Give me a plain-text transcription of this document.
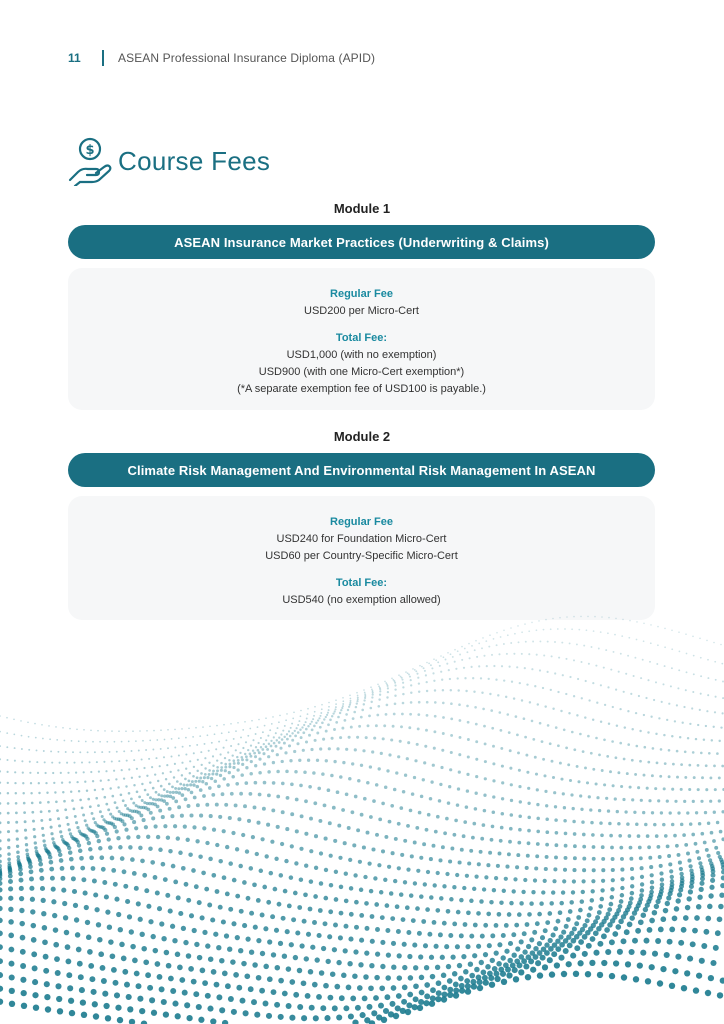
11	ASEAN Professional Insurance Diploma (APID)
$ Course Fees
Module 1
ASEAN Insurance Market Practices (Underwriting & Claims)
Regular Fee
USD200 per Micro-Cert
Total Fee:
USD1,000 (with no exemption)
USD900 (with one Micro-Cert exemption*)
(*A separate exemption fee of USD100 is payable.)
Module 2
Climate Risk Management And Environmental Risk Management In ASEAN
Regular Fee
USD240 for Foundation Micro-Cert
USD60 per Country-Specific Micro-Cert
Total Fee:
USD540 (no exemption allowed)
